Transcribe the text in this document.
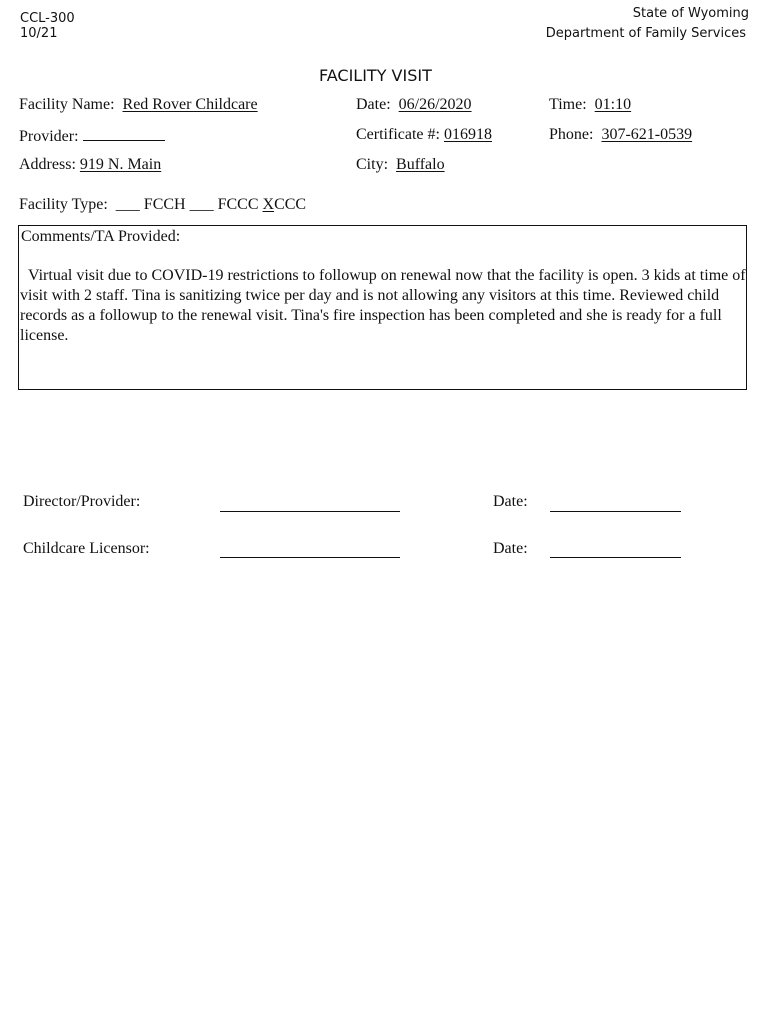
CCL-300
10/21
State of Wyoming
Department of Family Services
FACILITY VISIT
Facility Name: Red Rover Childcare	Date: 06/26/2020	Time: 01:10
Provider:	Certificate #: 016918	Phone: 307-621-0539
Address: 919 N. Main	City: Buffalo
Facility Type: ___ FCCH ___ FCCC XCCC
Comments/TA Provided:
Virtual visit due to COVID-19 restrictions to followup on renewal now that the facility is open. 3 kids at time of visit with 2 staff. Tina is sanitizing twice per day and is not allowing any visitors at this time. Reviewed child records as a followup to the renewal visit. Tina's fire inspection has been completed and she is ready for a full license.
Director/Provider:	Date:
Childcare Licensor:	Date:
